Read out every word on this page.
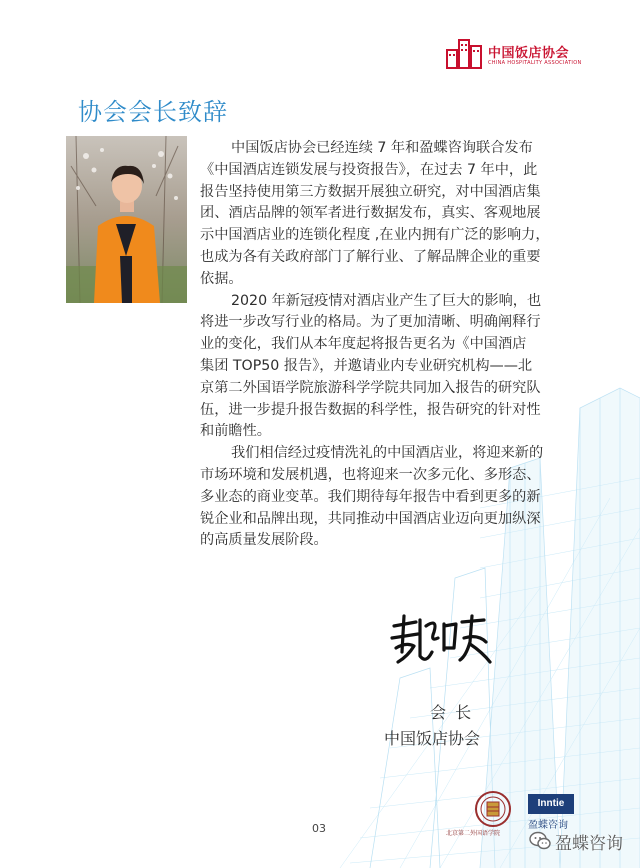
中国饭店协会
CHINA HOSPITALITY ASSOCIATION
协会会长致辞
中国饭店协会已经连续 7 年和盈蝶咨询联合发布
《中国酒店连锁发展与投资报告》，在过去 7 年中，此
报告坚持使用第三方数据开展独立研究，对中国酒店集
团、酒店品牌的领军者进行数据发布，真实、客观地展
示中国酒店业的连锁化程度 ,在业内拥有广泛的影响力，
也成为各有关政府部门了解行业、了解品牌企业的重要
依据。
2020 年新冠疫情对酒店业产生了巨大的影响，也
将进一步改写行业的格局。为了更加清晰、明确阐释行
业的变化，我们从本年度起将报告更名为《中国酒店
集团 TOP50 报告》，并邀请业内专业研究机构——北
京第二外国语学院旅游科学学院共同加入报告的研究队
伍，进一步提升报告数据的科学性，报告研究的针对性
和前瞻性。
我们相信经过疫情洗礼的中国酒店业，将迎来新的
市场环境和发展机遇，也将迎来一次多元化、多形态、
多业态的商业变革。我们期待每年报告中看到更多的新
锐企业和品牌出现，共同推动中国酒店业迈向更加纵深
的高质量发展阶段。
会 长
中国饭店协会
北京第二外国语学院
Inntie
盈蝶咨询
03
盈蝶咨询
